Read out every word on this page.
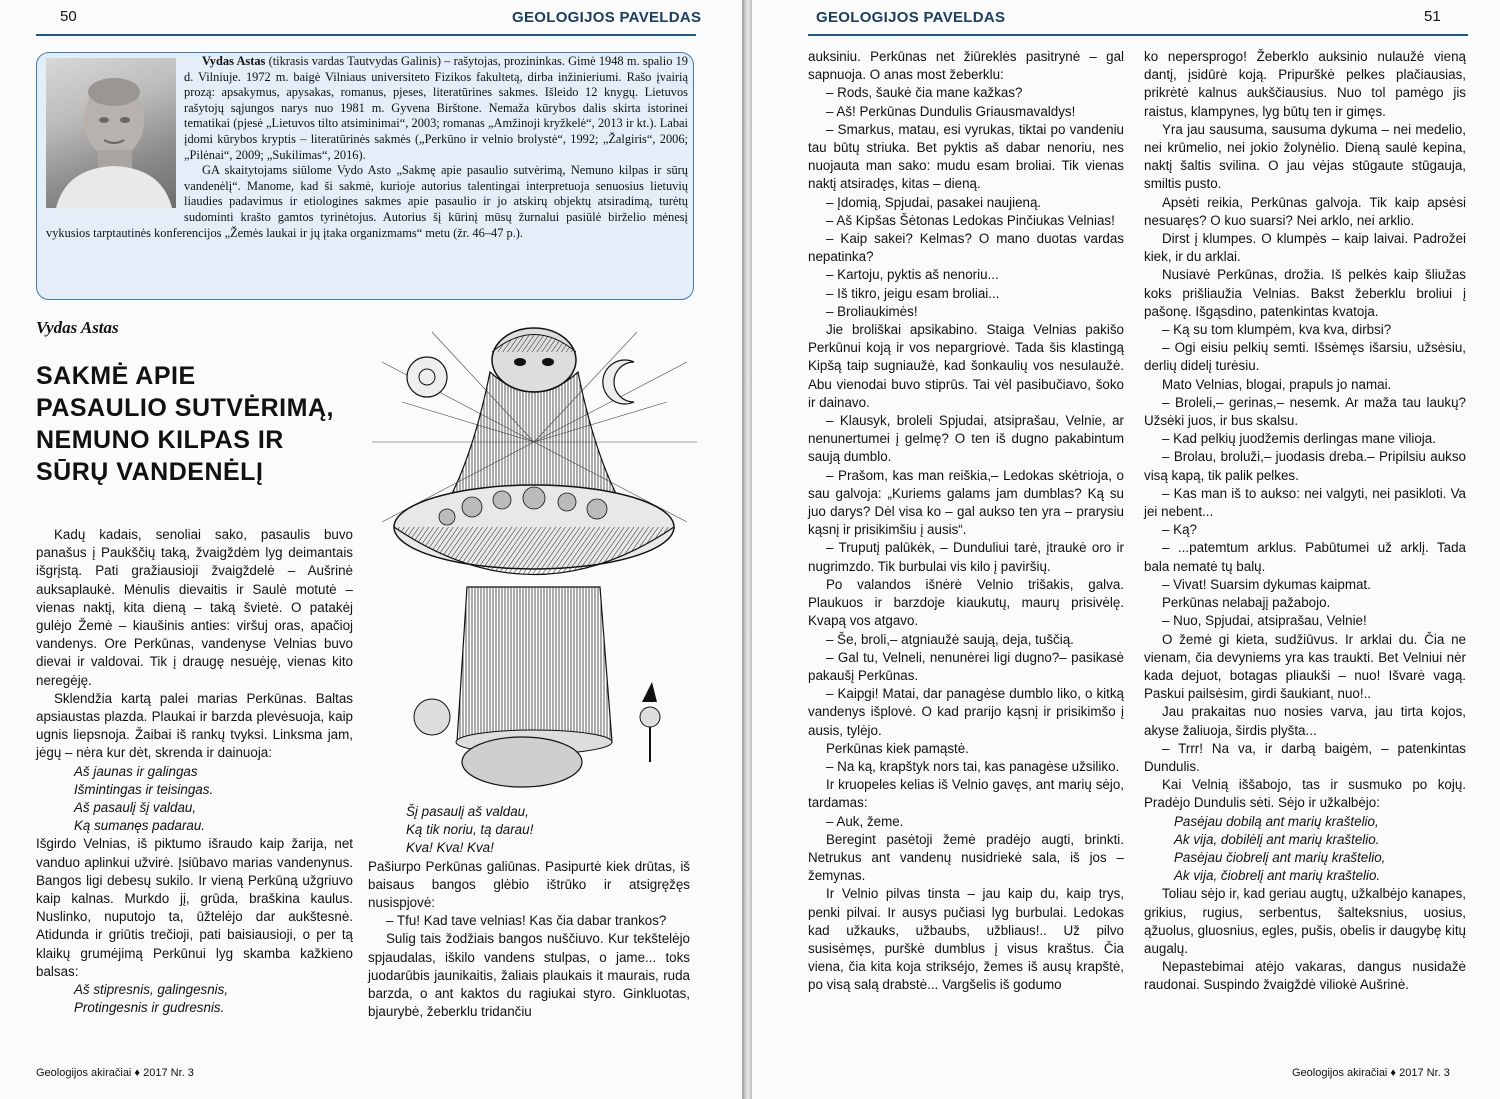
50	GEOLOGIJOS PAVELDAS

Vydas Astas (tikrasis vardas Tautvydas Galinis) – rašytojas, prozininkas. Gimė 1948 m. spalio 19 d. Vilniuje. 1972 m. baigė Vilniaus universiteto Fizikos fakultetą, dirba inžinieriumi. Rašo įvairią prozą: apsakymus, apysakas, romanus, pjeses, literatūrines sakmes. Išleido 12 knygų. Lietuvos rašytojų sąjungos narys nuo 1981 m. Gyvena Birštone. Nemaža kūrybos dalis skirta istorinei tematikai (pjesė „Lietuvos tilto atsiminimai“, 2003; romanas „Amžinoji kryžkelė“, 2013 ir kt.). Labai įdomi kūrybos kryptis – literatūrinės sakmės („Perkūno ir velnio brolystė“, 1992; „Žalgiris“, 2006; „Pilėnai“, 2009; „Sukilimas“, 2016).

GA skaitytojams siūlome Vydo Asto „Sakmę apie pasaulio sutvėrimą, Nemuno kilpas ir sūrų vandenėlį“. Manome, kad ši sakmė, kurioje autorius talentingai interpretuoja senuosius lietuvių liaudies padavimus ir etiologines sakmes apie pasaulio ir jo atskirų objektų atsiradimą, turėtų sudominti krašto gamtos tyrinėtojus. Autorius šį kūrinį mūsų žurnalui pasiūlė birželio mėnesį vykusios tarptautinės konferencijos „Žemės laukai ir jų įtaka organizmams“ metu (žr. 46–47 p.).

Vydas Astas
SAKMĖ APIE
PASAULIO SUTVĖRIMĄ,
NEMUNO KILPAS IR
SŪRŲ VANDENĖLĮ

Kadų kadais, senoliai sako, pasaulis buvo panašus į Paukščių taką, žvaigždėm lyg deimantais išgrįstą. Pati gražiausioji žvaigždelė – Aušrinė auksaplaukė. Mėnulis dievaitis ir Saulė motutė – vienas naktį, kita dieną – taką švietė. O patakėj gulėjo Žemė – kiaušinis anties: viršuj oras, apačioj vandenys. Ore Perkūnas, vandenyse Velnias buvo dievai ir valdovai. Tik į draugę nesuėję, vienas kito neregėję.

Sklendžia kartą palei marias Perkūnas. Baltas apsiaustas plazda. Plaukai ir barzda plevėsuoja, kaip ugnis liepsnoja. Žaibai iš rankų tvyksi. Linksma jam, jėgų – nėra kur dėt, skrenda ir dainuoja:

Aš jaunas ir galingas

Išmintingas ir teisingas.

Aš pasaulį šį valdau,

Ką sumanęs padarau.

Išgirdo Velnias, iš piktumo išraudo kaip žarija, net vanduo aplinkui užvirė. Įsiūbavo marias vandenynus. Bangos ligi debesų sukilo. Ir vieną Perkūną užgriuvo kaip kalnas. Murkdo jį, grūda, braškina kaulus. Nuslinko, nuputojo ta, ūžtelėjo dar aukštesnė. Atidunda ir griūtis trečioji, pati baisiausioji, o per tą klaikų grumėjimą Perkūnui lyg skamba kažkieno balsas:

Aš stipresnis, galingesnis,

Protingesnis ir gudresnis.

Šį pasaulį aš valdau,

Ką tik noriu, tą darau!

Kva! Kva! Kva!

Pašiurpo Perkūnas galiūnas. Pasipurtė kiek drūtas, iš baisaus bangos glėbio ištrūko ir atsigręžęs nusispjovė:

– Tfu! Kad tave velnias! Kas čia dabar trankos?

Sulig tais žodžiais bangos nuščiuvo. Kur tekštelėjo spjaudalas, iškilo vandens stulpas, o jame... toks juodarūbis jaunikaitis, žaliais plaukais it maurais, ruda barzda, o ant kaktos du ragiukai styro. Ginkluotas, bjaurybė, žeberklu tridančiu

Geologijos akiračiai ♦ 2017 Nr. 3
GEOLOGIJOS PAVELDAS	51

auksiniu. Perkūnas net žiūreklės pasitrynė – gal sapnuoja. O anas most žeberklu:

– Rods, šaukė čia mane kažkas?

– Aš! Perkūnas Dundulis Griausmavaldys!

– Smarkus, matau, esi vyrukas, tiktai po vandeniu tau būtų striuka. Bet pyktis aš dabar nenoriu, nes nuojauta man sako: mudu esam broliai. Tik vienas naktį atsiradęs, kitas – dieną.

– Įdomią, Spjudai, pasakei naujieną.

– Aš Kipšas Šėtonas Ledokas Pinčiukas Velnias!

– Kaip sakei? Kelmas? O mano duotas vardas nepatinka?

– Kartoju, pyktis aš nenoriu...

– Iš tikro, jeigu esam broliai...

– Broliaukimės!

Jie broliškai apsikabino. Staiga Velnias pakišo Perkūnui koją ir vos nepargriovė. Tada šis klastingą Kipšą taip sugniaužė, kad šonkaulių vos nesulaužė. Abu vienodai buvo stiprūs. Tai vėl pasibučiavo, šoko ir dainavo.

– Klausyk, broleli Spjudai, atsiprašau, Velnie, ar nenunertumei į gelmę? O ten iš dugno pakabintum saują dumblo.

– Prašom, kas man reiškia,– Ledokas skėtrioja, o sau galvoja: „Kuriems galams jam dumblas? Ką su juo darys? Dėl visa ko – gal aukso ten yra – prarysiu kąsnį ir prisikimšiu į ausis“.

– Truputį palūkėk, – Dunduliui tarė, įtraukė oro ir nugrimzdo. Tik burbulai vis kilo į paviršių.

Po valandos išnėrė Velnio trišakis, galva. Plaukuos ir barzdoje kiaukutų, maurų prisivėlę. Kvapą vos atgavo.

– Še, broli,– atgniaužė saują, deja, tuščią.

– Gal tu, Velneli, nenunėrei ligi dugno?– pasikasė pakaušį Perkūnas.

– Kaipgi! Matai, dar panagėse dumblo liko, o kitką vandenys išplovė. O kad prarijo kąsnį ir prisikimšo į ausis, tylėjo.

Perkūnas kiek pamąstė.

– Na ką, krapštyk nors tai, kas panagėse užsiliko.

Ir kruopeles kelias iš Velnio gavęs, ant marių sėjo, tardamas:

– Auk, žeme.

Beregint pasėtoji žemė pradėjo augti, brinkti. Netrukus ant vandenų nusidriekė sala, iš jos – žemynas.

Ir Velnio pilvas tinsta – jau kaip du, kaip trys, penki pilvai. Ir ausys pučiasi lyg burbulai. Ledokas kad užkauks, užbaubs, užbliaus!.. Už pilvo susisėmęs, purškė dumblus į visus kraštus. Čia viena, čia kita koja strikséjo, žemes iš ausų krapštė, po visą salą drabstė... Vargšelis iš godumo

ko nepersprogo! Žeberklo auksinio nulaužė vieną dantį, įsidūrė koją. Pripurškė pelkes plačiausias, prikrėtė kalnus aukščiausius. Nuo tol pamėgo jis raistus, klampynes, lyg būtų ten ir gimęs.

Yra jau sausuma, sausuma dykuma – nei medelio, nei krūmelio, nei jokio žolynėlio. Dieną saulė kepina, naktį šaltis svilina. O jau vėjas stūgaute stūgauja, smiltis pusto.

Apsėti reikia, Perkūnas galvoja. Tik kaip apsėsi nesuaręs? O kuo suarsi? Nei arklo, nei arklio.

Dirst į klumpes. O klumpės – kaip laivai. Padrožei kiek, ir du arklai.

Nusiavė Perkūnas, drožia. Iš pelkės kaip šliužas koks prišliaužia Velnias. Bakst žeberklu broliui į pašonę. Išgąsdino, patenkintas kvatoja.

– Ką su tom klumpėm, kva kva, dirbsi?

– Ogi eisiu pelkių semti. Išsėmęs išarsiu, užsėsiu, derlių didelį turėsiu.

Mato Velnias, blogai, prapuls jo namai.

– Broleli,– gerinas,– nesemk. Ar maža tau laukų? Užsėki juos, ir bus skalsu.

– Kad pelkių juodžemis derlingas mane vilioja.

– Brolau, broluži,– juodasis dreba.– Pripilsiu aukso visą kapą, tik palik pelkes.

– Kas man iš to aukso: nei valgyti, nei pasikloti. Va jei nebent...

– Ką?

– ...patemtum arklus. Pabūtumei už arklį. Tada bala nematė tų balų.

– Vivat! Suarsim dykumas kaipmat.

Perkūnas nelabajį pažabojo.

– Nuo, Spjudai, atsiprašau, Velnie!

O žemė gi kieta, sudžiūvus. Ir arklai du. Čia ne vienam, čia devyniems yra kas traukti. Bet Velniui nėr kada dejuot, botagas pliaukši – nuo! Išvarė vagą. Paskui pailsėsim, girdi šaukiant, nuo!..

Jau prakaitas nuo nosies varva, jau tirta kojos, akyse žaliuoja, širdis plyšta...

– Trrr! Na va, ir darbą baigėm, – patenkintas Dundulis.

Kai Velnią iššabojo, tas ir susmuko po kojų. Pradėjo Dundulis sėti. Sėjo ir užkalbėjo:

Pasėjau dobilą ant marių kraštelio,

Ak vija, dobilėlį ant marių kraštelio.

Pasėjau čiobrelį ant marių kraštelio,

Ak vija, čiobrelį ant marių kraštelio.

Toliau sėjo ir, kad geriau augtų, užkalbėjo kanapes, grikius, rugius, serbentus, šalteksnius, uosius, ąžuolus, gluosnius, egles, pušis, obelis ir daugybę kitų augalų.

Nepastebimai atėjo vakaras, dangus nusidažė raudonai. Suspindo žvaigždė viliokė Aušrinė.

Geologijos akiračiai ♦ 2017 Nr. 3
